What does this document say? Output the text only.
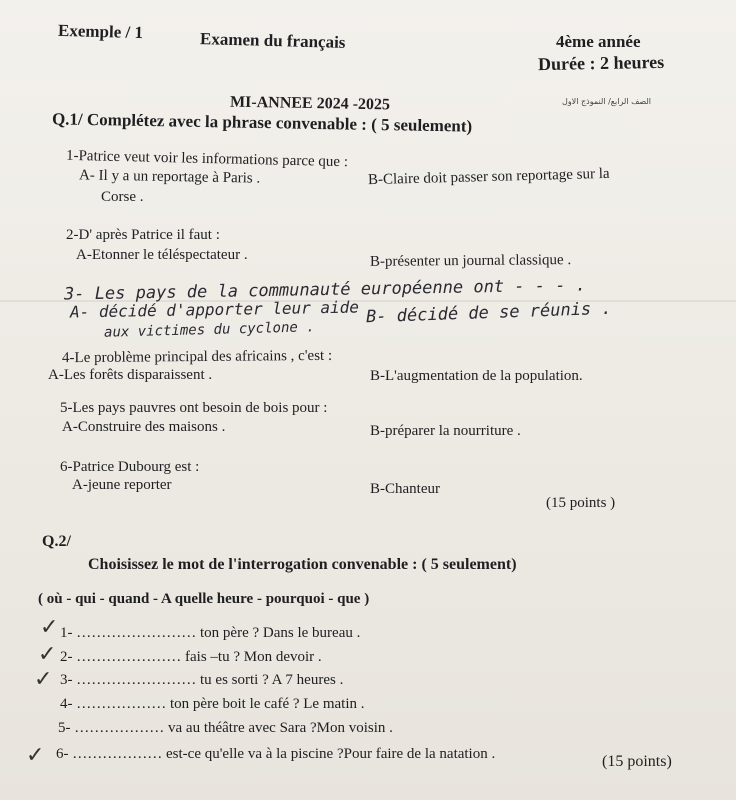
Exemple / 1	Examen du français	4ème année
Durée : 2 heures
MI-ANNEE 2024 -2025	الصف الرابع/ النموذج الاول
Q.1/ Complétez avec la phrase convenable : ( 5 seulement)
1-Patrice veut voir les informations parce que :
A- Il y a un reportage à Paris .	B-Claire doit passer son reportage sur la
Corse .
2-D' après Patrice il faut :
A-Etonner le téléspectateur .	B-présenter un journal classique .
3- Les pays de la communauté européenne ont - - - .
A- décidé d'apporter leur aide B- décidé de se réunis .
aux victimes du cyclone .
4-Le problème principal des africains , c'est :
A-Les forêts disparaissent .	B-L'augmentation de la population.
5-Les pays pauvres ont besoin de bois pour :
A-Construire des maisons .	B-préparer la nourriture .
6-Patrice Dubourg est :
A-jeune reporter	B-Chanteur
(15 points )
Q.2/
Choisissez le mot de l'interrogation convenable : ( 5 seulement)
( où - qui - quand - A quelle heure - pourquoi - que )
✓
✓
✓
✓
1- …………………… ton père ? Dans le bureau .
2- ………………… fais –tu ? Mon devoir .
3- …………………… tu es sorti ? A 7 heures .
4- ……………… ton père boit le café ? Le matin .
5- ……………… va au théâtre avec Sara ?Mon voisin .
6- ……………… est-ce qu'elle va à la piscine ?Pour faire de la natation .	(15 points)
